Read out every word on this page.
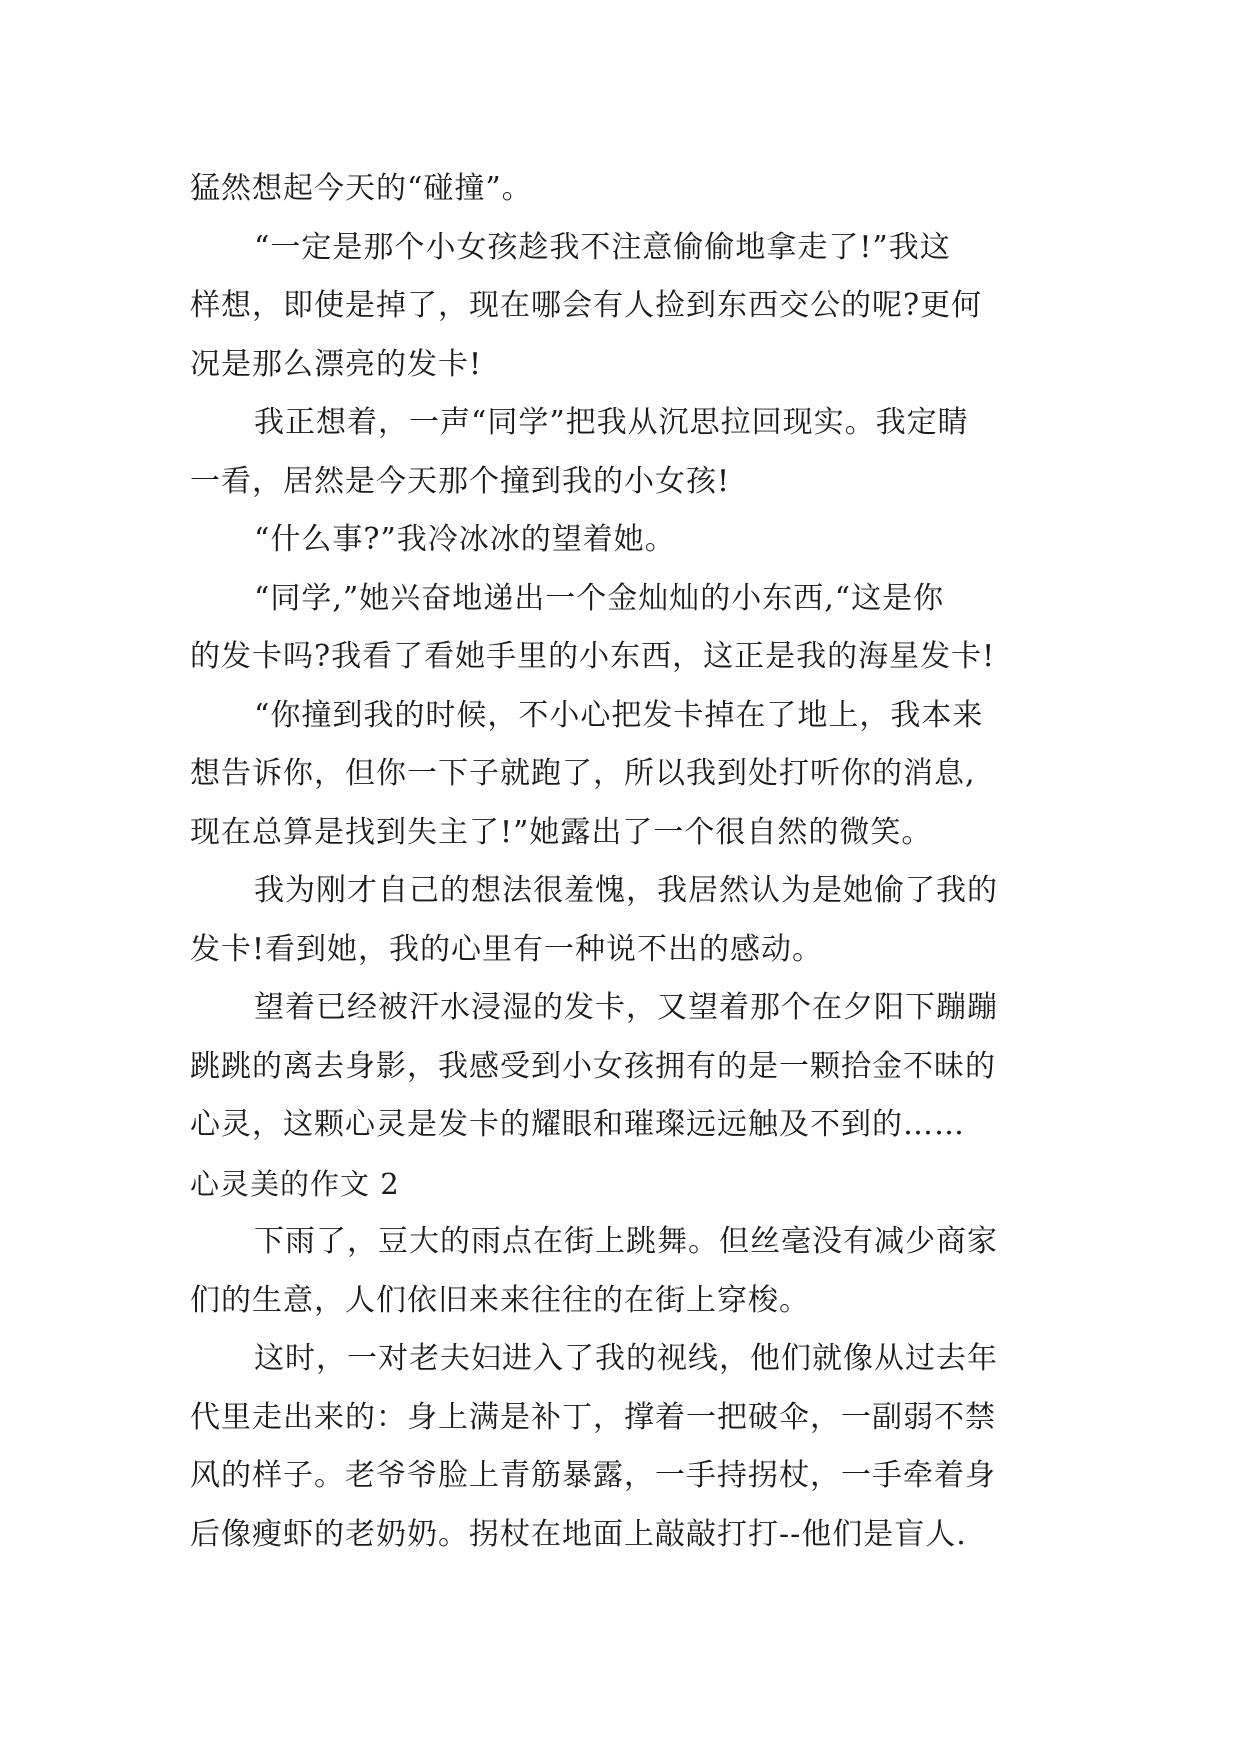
猛然想起今天的“碰撞”。
“一定是那个小女孩趁我不注意偷偷地拿走了!”我这
样想，即使是掉了，现在哪会有人捡到东西交公的呢?更何
况是那么漂亮的发卡!
我正想着，一声“同学”把我从沉思拉回现实。我定睛
一看，居然是今天那个撞到我的小女孩!
“什么事?”我冷冰冰的望着她。
“同学,”她兴奋地递出一个金灿灿的小东西,“这是你
的发卡吗?我看了看她手里的小东西，这正是我的海星发卡!
“你撞到我的时候，不小心把发卡掉在了地上，我本来
想告诉你，但你一下子就跑了，所以我到处打听你的消息,
现在总算是找到失主了!”她露出了一个很自然的微笑。
我为刚才自己的想法很羞愧，我居然认为是她偷了我的
发卡!看到她，我的心里有一种说不出的感动。
望着已经被汗水浸湿的发卡，又望着那个在夕阳下蹦蹦
跳跳的离去身影，我感受到小女孩拥有的是一颗拾金不昧的
心灵，这颗心灵是发卡的耀眼和璀璨远远触及不到的……
心灵美的作文 2
下雨了，豆大的雨点在街上跳舞。但丝毫没有减少商家
们的生意，人们依旧来来往往的在街上穿梭。
这时，一对老夫妇进入了我的视线，他们就像从过去年
代里走出来的：身上满是补丁，撑着一把破伞，一副弱不禁
风的样子。老爷爷脸上青筋暴露，一手持拐杖，一手牵着身
后像瘦虾的老奶奶。拐杖在地面上敲敲打打--他们是盲人.
